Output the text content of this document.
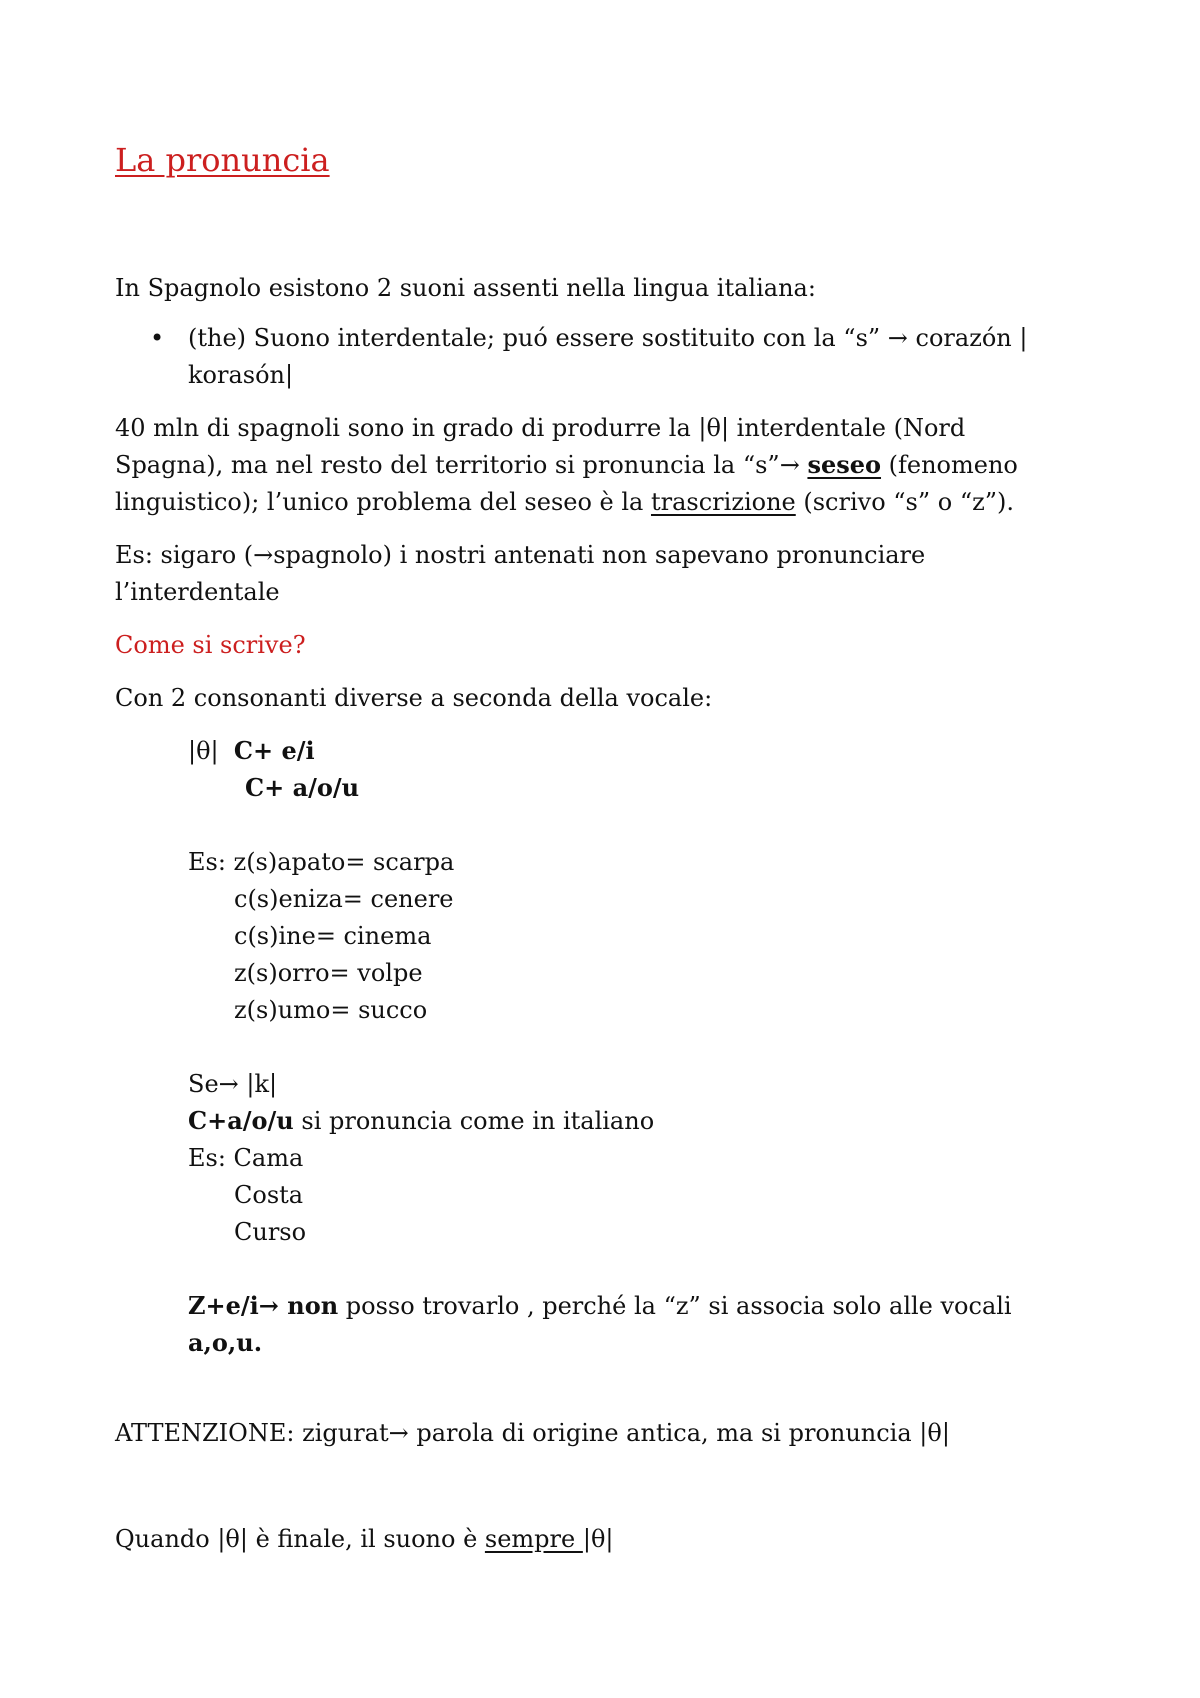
La pronuncia
In Spagnolo esistono 2 suoni assenti nella lingua italiana:
• (the) Suono interdentale; puó essere sostituito con la “s” → corazón |
korasón|
40 mln di spagnoli sono in grado di produrre la |θ| interdentale (Nord
Spagna), ma nel resto del territorio si pronuncia la “s”→ seseo (fenomeno
linguistico); l’unico problema del seseo è la trascrizione (scrivo “s” o “z”).
Es: sigaro (→spagnolo) i nostri antenati non sapevano pronunciare
l’interdentale
Come si scrive?
Con 2 consonanti diverse a seconda della vocale:
|θ| C+ e/i
C+ a/o/u
Es: z(s)apato= scarpa
c(s)eniza= cenere
c(s)ine= cinema
z(s)orro= volpe
z(s)umo= succo
Se→ |k|
C+a/o/u si pronuncia come in italiano
Es: Cama
Costa
Curso
Z+e/i→ non posso trovarlo , perché la “z” si associa solo alle vocali
a,o,u.
ATTENZIONE: zigurat→ parola di origine antica, ma si pronuncia |θ|
Quando |θ| è finale, il suono è sempre |θ|
